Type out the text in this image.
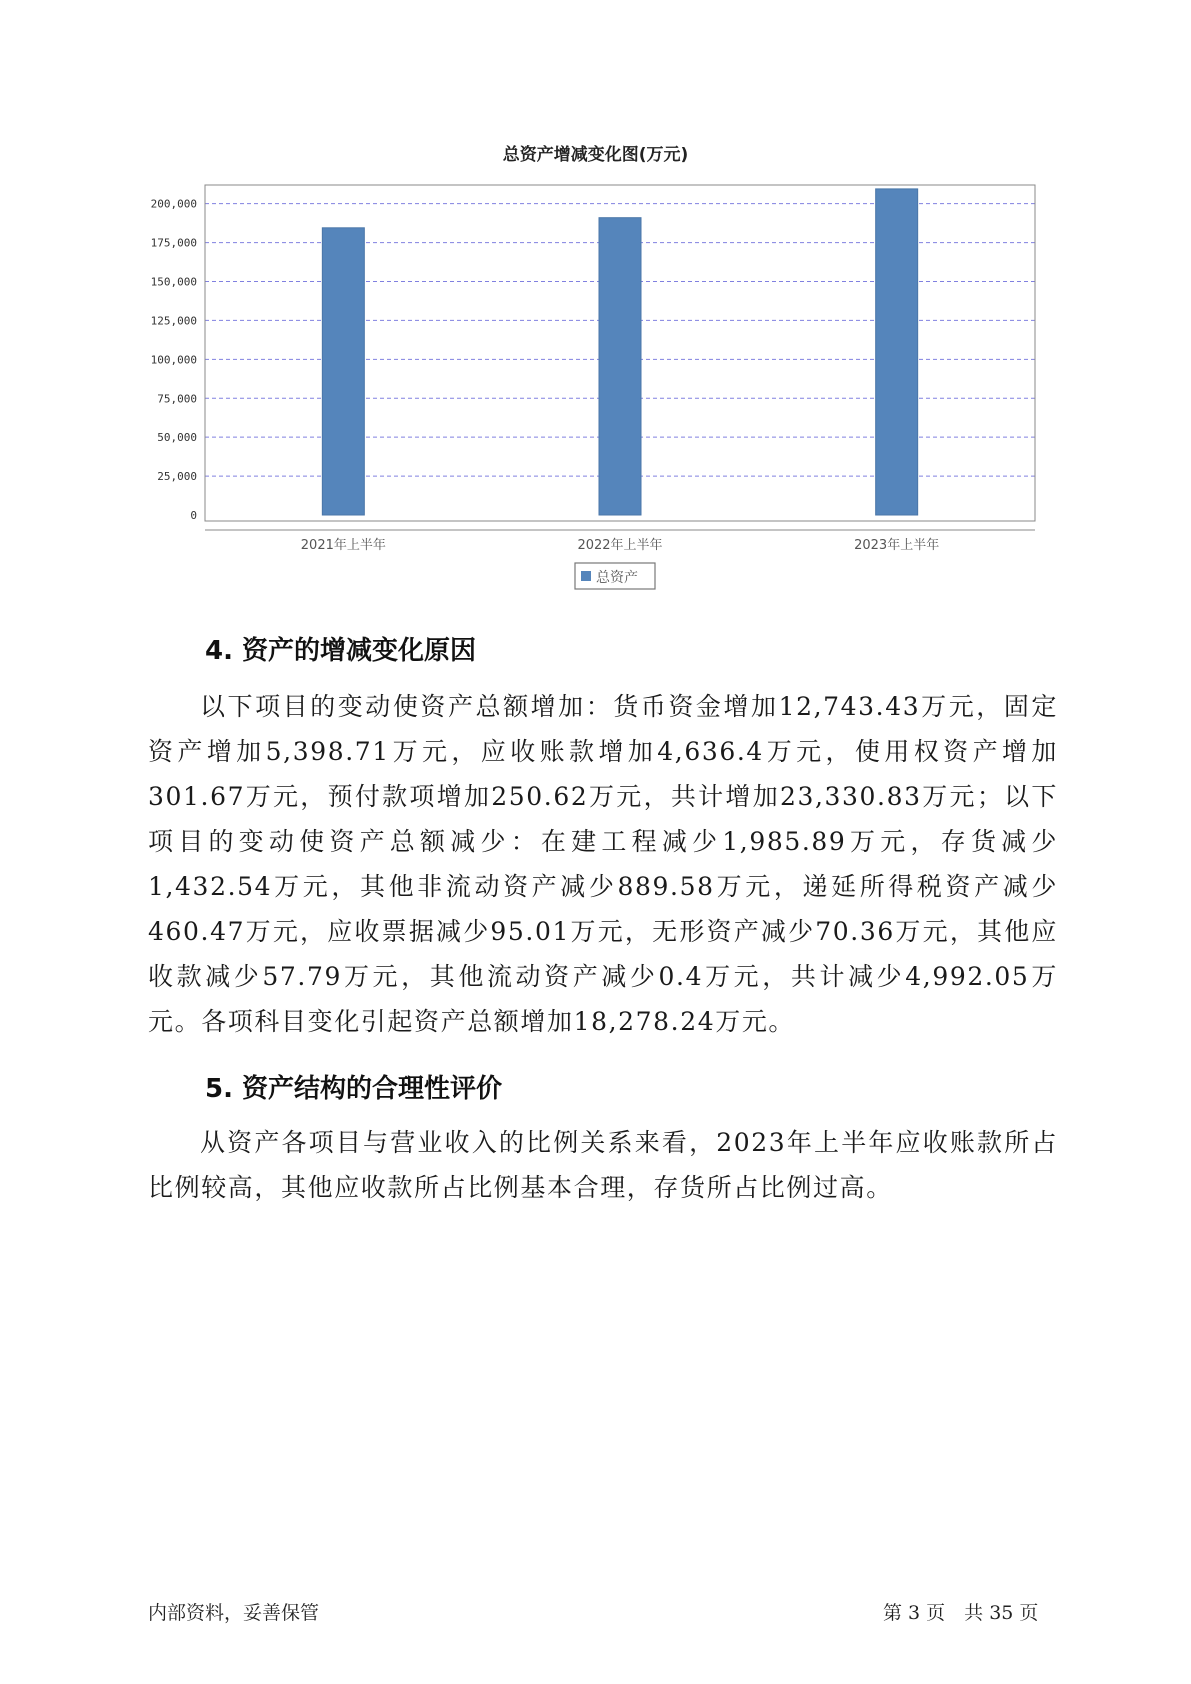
总资产增减变化图(万元)
0
25,000
50,000
75,000
100,000
125,000
150,000
175,000
200,000
2021年上半年	2022年上半年	2023年上半年
总资产
4. 资产的增减变化原因

以下项目的变动使资产总额增加：货币资金增加12,743.43万元，固定资产增加5,398.71万元，应收账款增加4,636.4万元，使用权资产增加301.67万元，预付款项增加250.62万元，共计增加23,330.83万元；以下项目的变动使资产总额减少：在建工程减少1,985.89万元，存货减少1,432.54万元，其他非流动资产减少889.58万元，递延所得税资产减少460.47万元，应收票据减少95.01万元，无形资产减少70.36万元，其他应收款减少57.79万元，其他流动资产减少0.4万元，共计减少4,992.05万元。各项科目变化引起资产总额增加18,278.24万元。

5. 资产结构的合理性评价

从资产各项目与营业收入的比例关系来看，2023年上半年应收账款所占比例较高，其他应收款所占比例基本合理，存货所占比例过高。

内部资料，妥善保管	第 3 页　共 35 页
